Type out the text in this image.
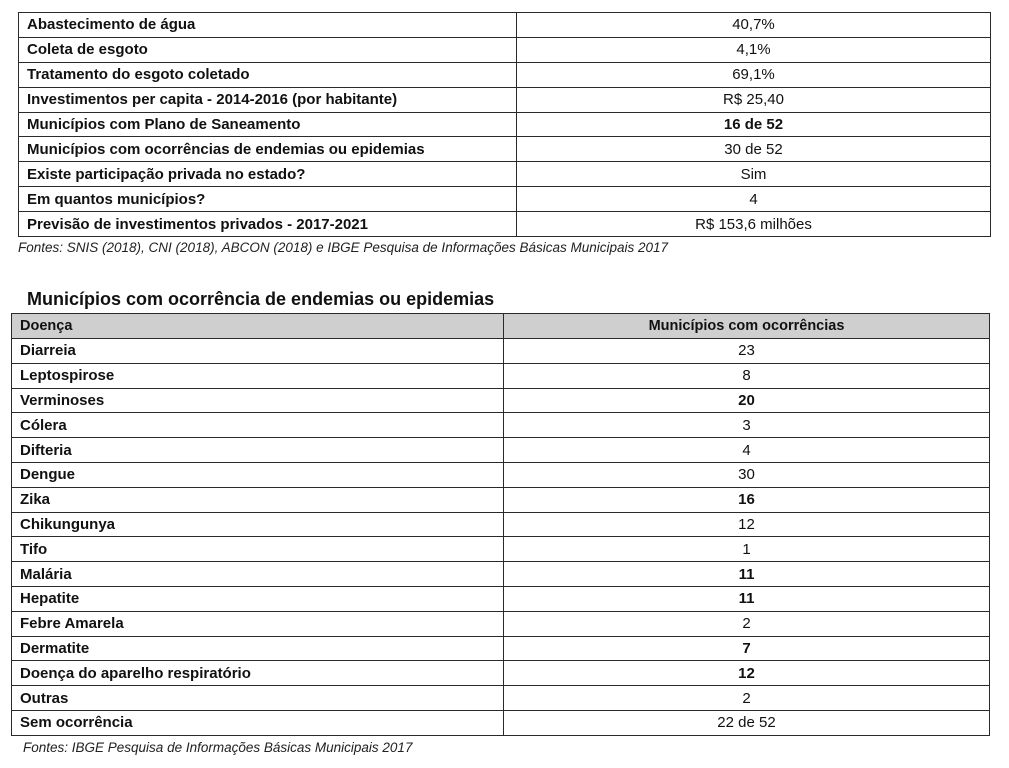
Abastecimento de água	40,7%
Coleta de esgoto	4,1%
Tratamento do esgoto coletado	69,1%
Investimentos per capita - 2014-2016 (por habitante)	R$ 25,40
Municípios com Plano de Saneamento	16 de 52
Municípios com ocorrências de endemias ou epidemias	30 de 52
Existe participação privada no estado?	Sim
Em quantos municípios?	4
Previsão de investimentos privados - 2017-2021	R$ 153,6 milhões
Fontes: SNIS (2018), CNI (2018), ABCON (2018) e IBGE Pesquisa de Informações Básicas Municipais 2017
Municípios com ocorrência de endemias ou epidemias
Doença	Municípios com ocorrências
Diarreia	23
Leptospirose	8
Verminoses	20
Cólera	3
Difteria	4
Dengue	30
Zika	16
Chikungunya	12
Tifo	1
Malária	11
Hepatite	11
Febre Amarela	2
Dermatite	7
Doença do aparelho respiratório	12
Outras	2
Sem ocorrência	22 de 52
Fontes: IBGE Pesquisa de Informações Básicas Municipais 2017
